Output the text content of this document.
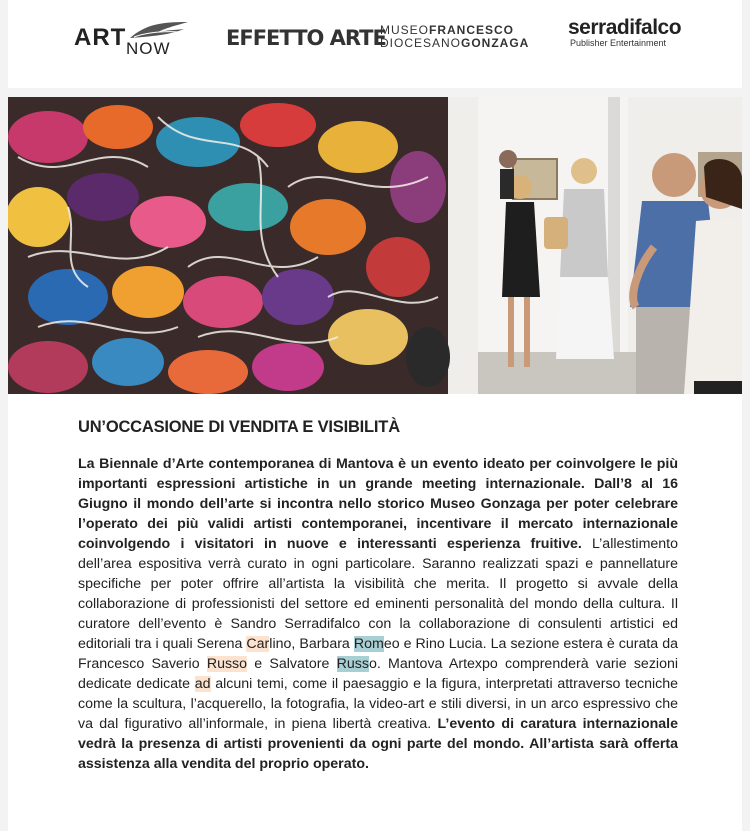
ART NOW	EFFETTO ARTE
MUSEOFRANCESCO
DIOCESANOGONZAGA
serradifalco
Publisher Entertainment
UN’OCCASIONE DI VENDITA E VISIBILITÀ

La Biennale d’Arte contemporanea di Mantova è un evento ideato per coinvolgere le più importanti espressioni artistiche in un grande meeting internazionale. Dall’8 al 16 Giugno il mondo dell’arte si incontra nello storico Museo Gonzaga per poter celebrare l’operato dei più validi artisti contemporanei, incentivare il mercato internazionale coinvolgendo i visitatori in nuove e interessanti esperienza fruitive. L’allestimento dell’area espositiva verrà curato in ogni particolare. Saranno realizzati spazi e pannellature specifiche per poter offrire all’artista la visibilità che merita. Il progetto si avvale della collaborazione di professionisti del settore ed eminenti personalità del mondo della cultura. Il curatore dell’evento è Sandro Serradifalco con la collaborazione di consulenti artistici ed editoriali tra i quali Serena Carlino, Barbara Romeo e Rino Lucia. La sezione estera è curata da Francesco Saverio Russo e Salvatore Russo. Mantova Artexpo comprenderà varie sezioni dedicate dedicate ad alcuni temi, come il paesaggio e la figura, interpretati attraverso tecniche come la scultura, l’acquerello, la fotografia, la video-art e stili diversi, in un arco espressivo che va dal figurativo all’informale, in piena libertà creativa. L’evento di caratura internazionale vedrà la presenza di artisti provenienti da ogni parte del mondo. All’artista sarà offerta assistenza alla vendita del proprio operato.
